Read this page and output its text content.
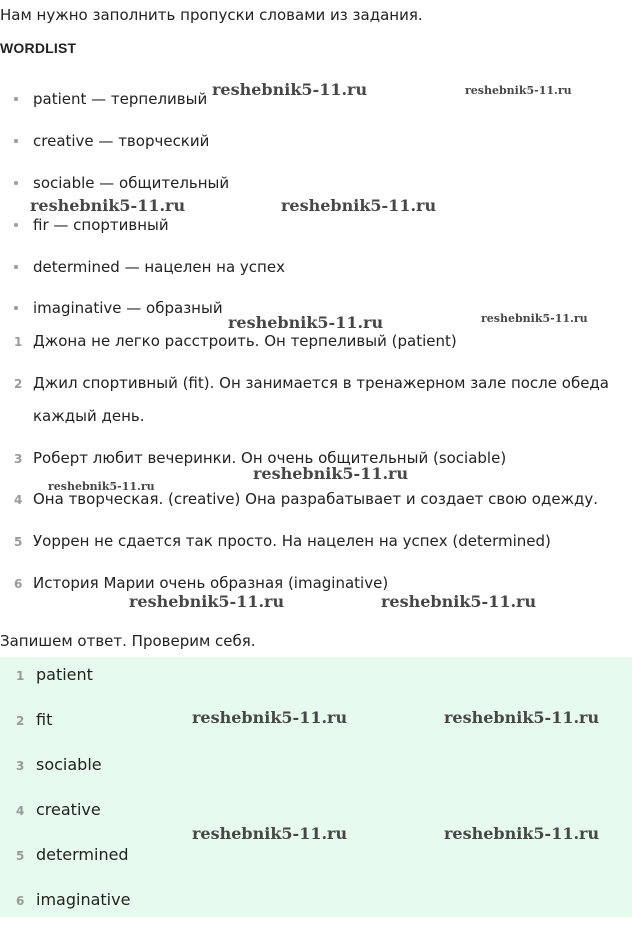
Нам нужно заполнить пропуски словами из задания.
WORDLIST
patient — терпеливый
creative — творческий
sociable — общительный
fir — спортивный
determined — нацелен на успех
imaginative — образный
1 Джона не легко расстроить. Он терпеливый (patient)
2 Джил спортивный (fit). Он занимается в тренажерном зале после обеда
каждый день.
3 Роберт любит вечеринки. Он очень общительный (sociable)
4 Она творческая. (creative) Она разрабатывает и создает свою одежду.
5 Уоррен не сдается так просто. На нацелен на успех (determined)
6 История Марии очень образная (imaginative)
Запишем ответ. Проверим себя.
1 patient
2 fit
3 sociable
4 creative
5 determined
6 imaginative
reshebnik5-11.ru	reshebnik5-11.ru
reshebnik5-11.ru	reshebnik5-11.ru
reshebnik5-11.ru	reshebnik5-11.ru
reshebnik5-11.ru
reshebnik5-11.ru
reshebnik5-11.ru	reshebnik5-11.ru
reshebnik5-11.ru	reshebnik5-11.ru
reshebnik5-11.ru	reshebnik5-11.ru
